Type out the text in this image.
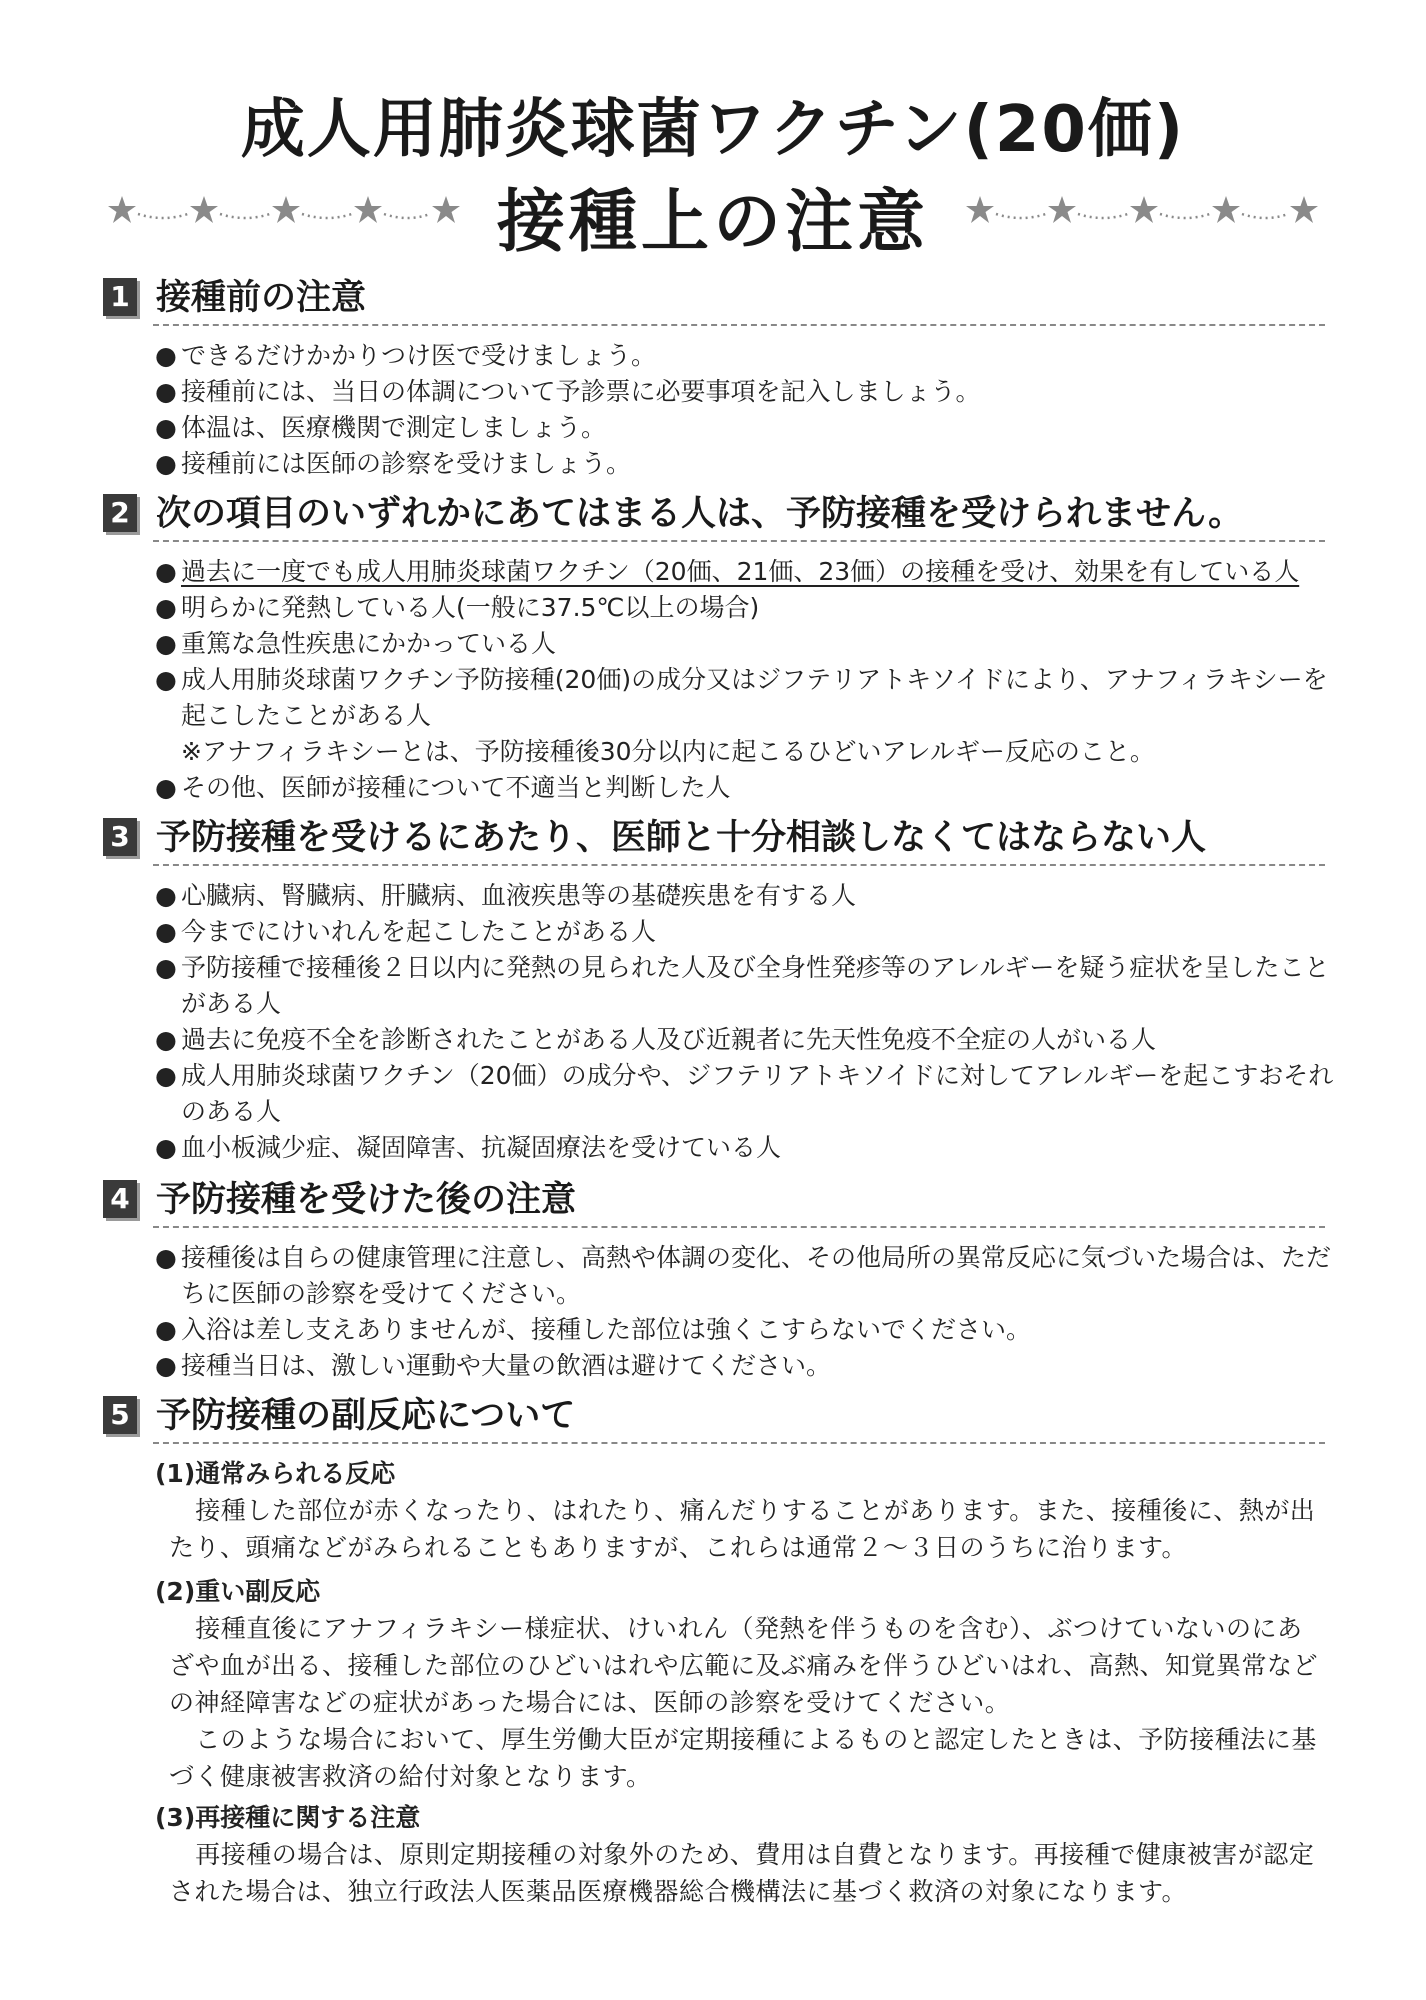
成人用肺炎球菌ワクチン(20価)
接種上の注意
1 接種前の注意
● できるだけかかりつけ医で受けましょう。
● 接種前には、当日の体調について予診票に必要事項を記入しましょう。
● 体温は、医療機関で測定しましょう。
● 接種前には医師の診察を受けましょう。
2 次の項目のいずれかにあてはまる人は、予防接種を受けられません。
● 過去に一度でも成人用肺炎球菌ワクチン（20価、21価、23価）の接種を受け、効果を有している人
● 明らかに発熱している人(一般に37.5℃以上の場合)
● 重篤な急性疾患にかかっている人
● 成人用肺炎球菌ワクチン予防接種(20価)の成分又はジフテリアトキソイドにより、アナフィラキシーを起こしたことがある人
※アナフィラキシーとは、予防接種後30分以内に起こるひどいアレルギー反応のこと。
● その他、医師が接種について不適当と判断した人
3 予防接種を受けるにあたり、医師と十分相談しなくてはならない人
● 心臓病、腎臓病、肝臓病、血液疾患等の基礎疾患を有する人
● 今までにけいれんを起こしたことがある人
● 予防接種で接種後２日以内に発熱の見られた人及び全身性発疹等のアレルギーを疑う症状を呈したことがある人
● 過去に免疫不全を診断されたことがある人及び近親者に先天性免疫不全症の人がいる人
● 成人用肺炎球菌ワクチン（20価）の成分や、ジフテリアトキソイドに対してアレルギーを起こすおそれのある人
● 血小板減少症、凝固障害、抗凝固療法を受けている人
4 予防接種を受けた後の注意
● 接種後は自らの健康管理に注意し、高熱や体調の変化、その他局所の異常反応に気づいた場合は、ただちに医師の診察を受けてください。
● 入浴は差し支えありませんが、接種した部位は強くこすらないでください。
● 接種当日は、激しい運動や大量の飲酒は避けてください。
5 予防接種の副反応について
(1)通常みられる反応
接種した部位が赤くなったり、はれたり、痛んだりすることがあります。また、接種後に、熱が出たり、頭痛などがみられることもありますが、これらは通常２～３日のうちに治ります。
(2)重い副反応
接種直後にアナフィラキシー様症状、けいれん（発熱を伴うものを含む）、ぶつけていないのにあざや血が出る、接種した部位のひどいはれや広範に及ぶ痛みを伴うひどいはれ、高熱、知覚異常などの神経障害などの症状があった場合には、医師の診察を受けてください。
このような場合において、厚生労働大臣が定期接種によるものと認定したときは、予防接種法に基づく健康被害救済の給付対象となります。
(3)再接種に関する注意
再接種の場合は、原則定期接種の対象外のため、費用は自費となります。再接種で健康被害が認定された場合は、独立行政法人医薬品医療機器総合機構法に基づく救済の対象になります。
